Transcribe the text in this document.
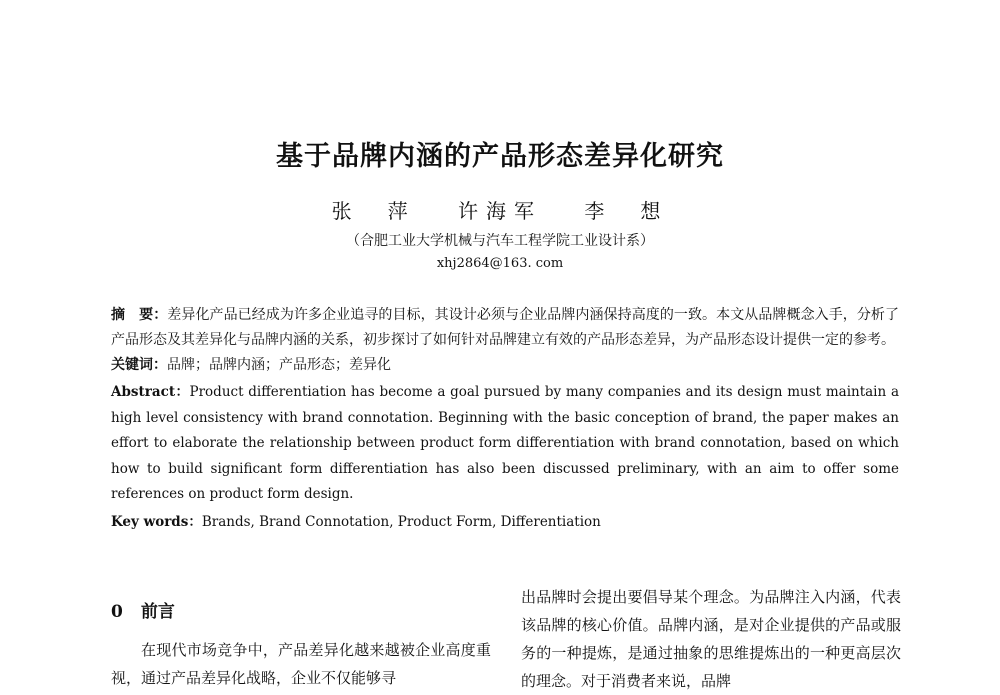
基于品牌内涵的产品形态差异化研究
张　萍 许海军 李　想
（合肥工业大学机械与汽车工程学院工业设计系）
xhj2864@163. com

摘　要：差异化产品已经成为许多企业追寻的目标，其设计必须与企业品牌内涵保持高度的一致。本文从品牌概念入手，分析了产品形态及其差异化与品牌内涵的关系，初步探讨了如何针对品牌建立有效的产品形态差异，为产品形态设计提供一定的参考。

关键词：品牌；品牌内涵；产品形态；差异化

Abstract：Product differentiation has become a goal pursued by many companies and its design must maintain a high level consistency with brand connotation. Beginning with the basic conception of brand, the paper makes an effort to elaborate the relationship between product form differentiation with brand connotation, based on which how to build significant form differentiation has also been discussed preliminary, with an aim to offer some references on product form design.

Key words：Brands, Brand Connotation, Product Form, Differentiation

0 前言

在现代市场竞争中，产品差异化越来越被企业高度重视，通过产品差异化战略，企业不仅能够寻

出品牌时会提出要倡导某个理念。为品牌注入内涵，代表该品牌的核心价值。品牌内涵，是对企业提供的产品或服务的一种提炼，是通过抽象的思维提炼出的一种更高层次的理念。对于消费者来说，品牌
